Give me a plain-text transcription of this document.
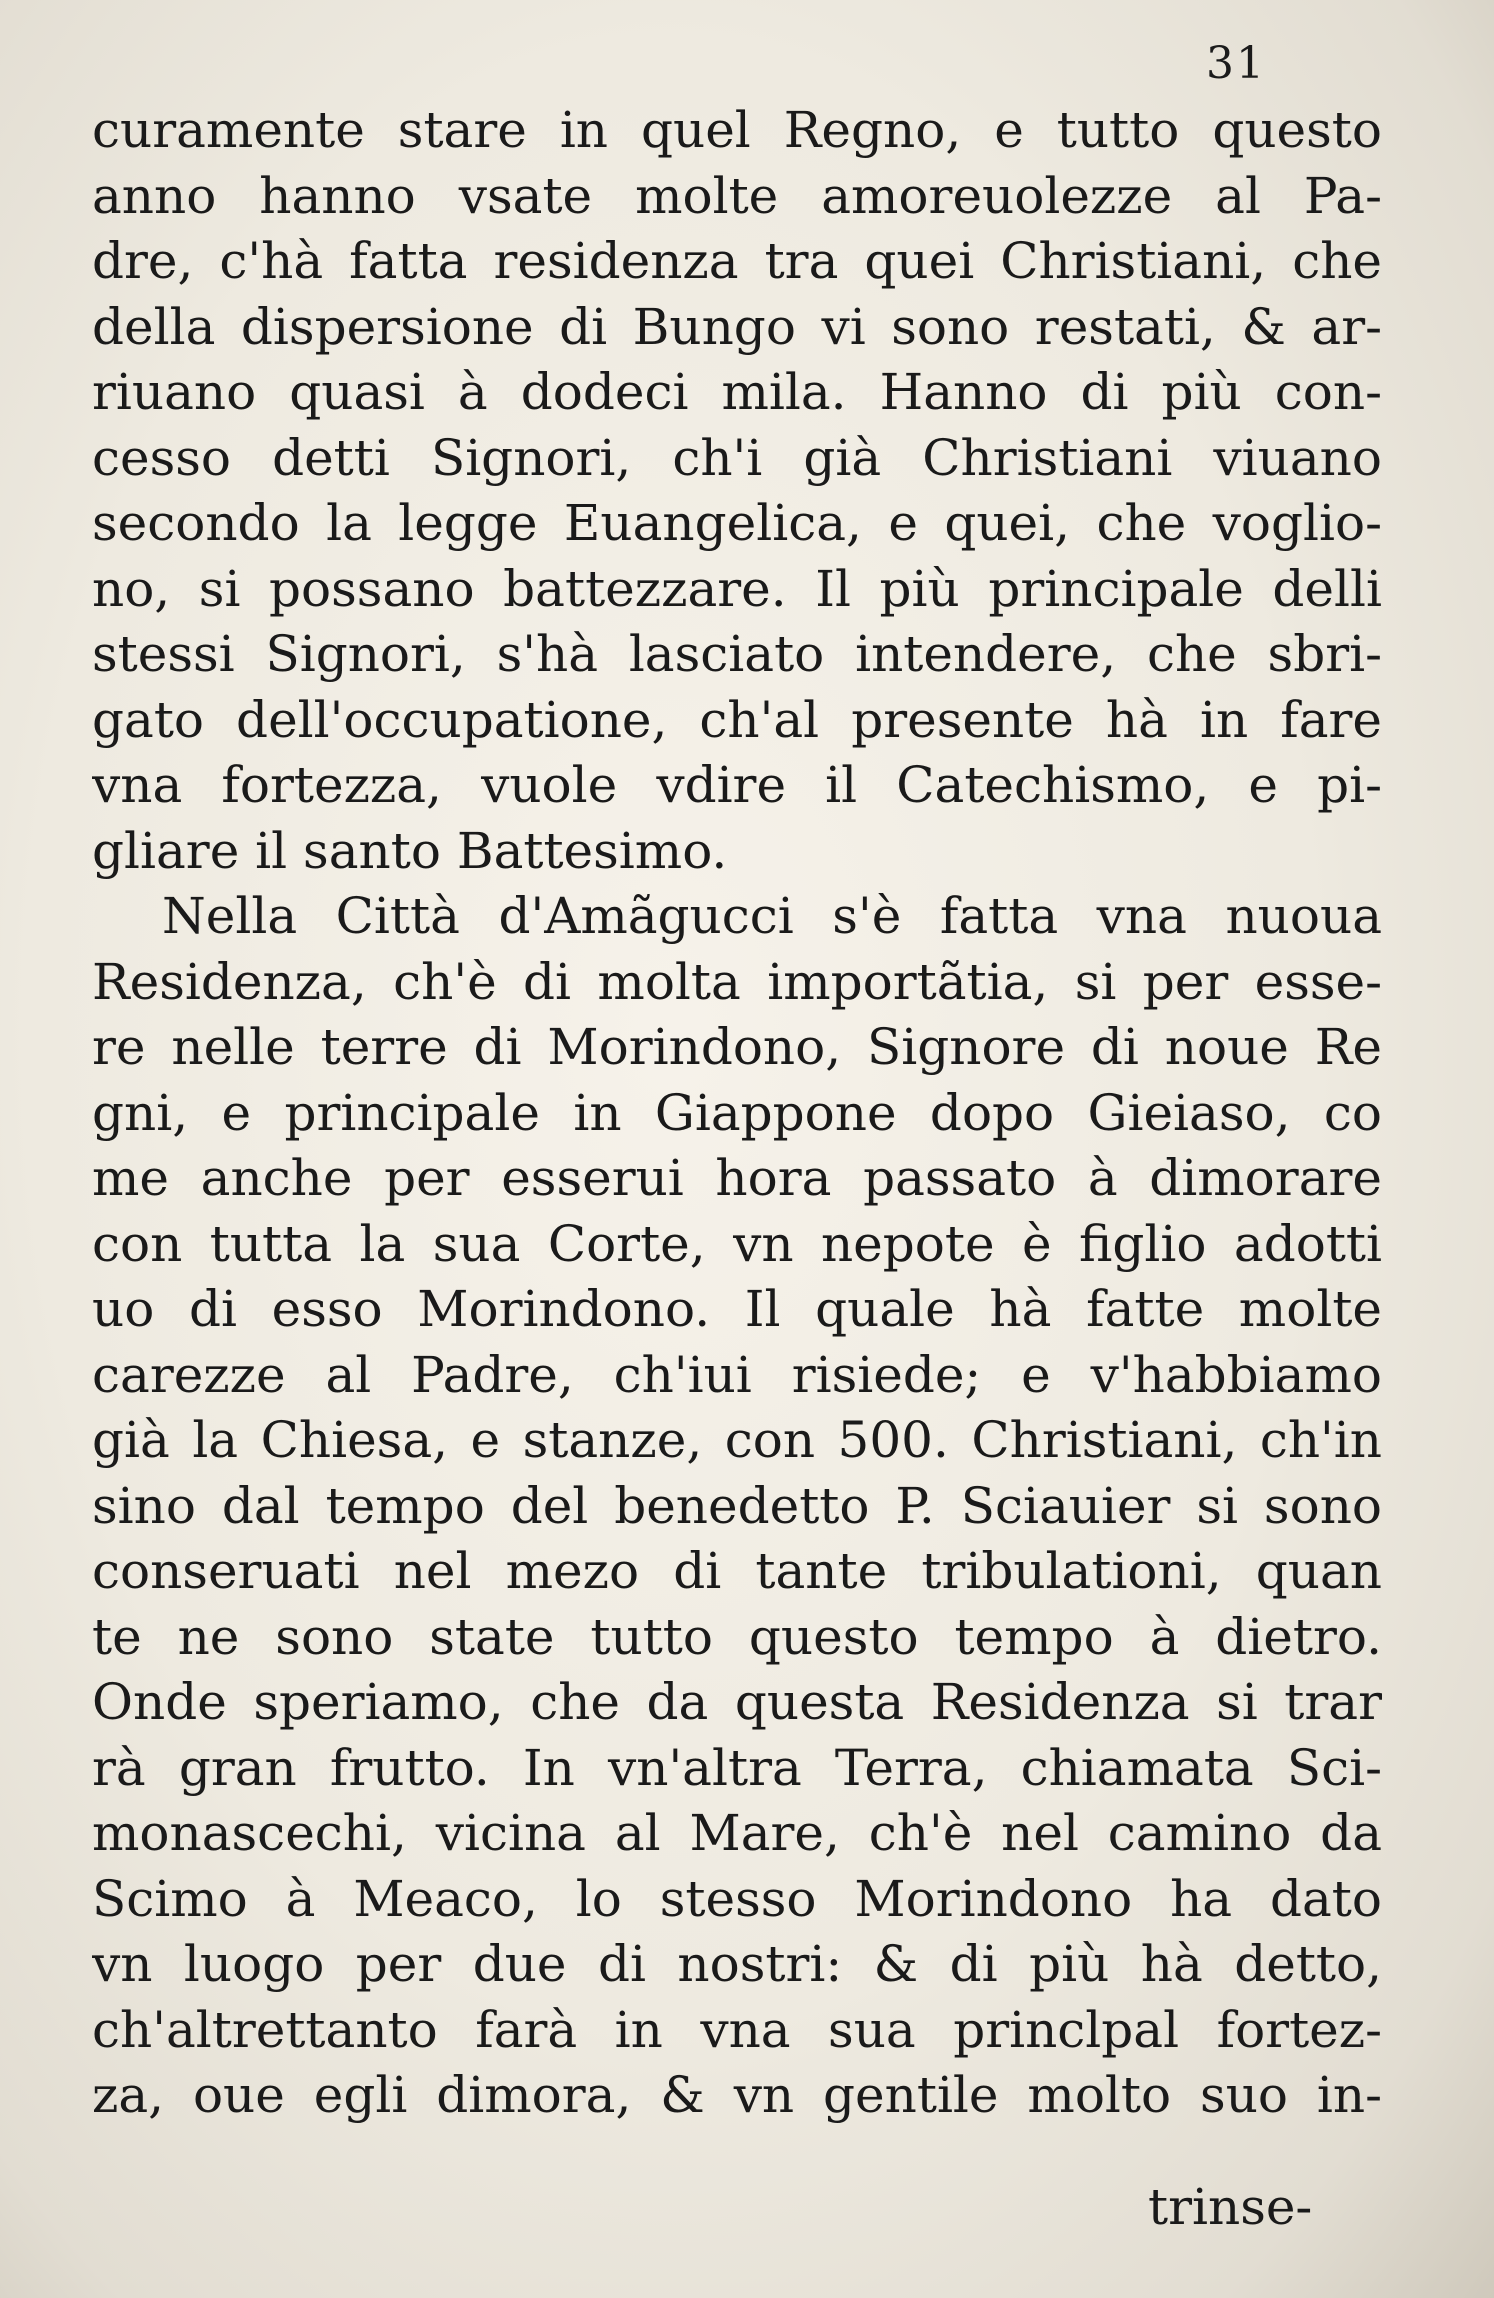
31
curamente stare in quel Regno, e tutto questo
anno hanno vsate molte amoreuolezze al Pa-
dre, c'hà fatta residenza tra quei Christiani, che
della dispersione di Bungo vi sono restati, & ar-
riuano quasi à dodeci mila. Hanno di più con-
cesso detti Signori, ch'i già Christiani viuano
secondo la legge Euangelica, e quei, che voglio-
no, si possano battezzare. Il più principale delli
stessi Signori, s'hà lasciato intendere, che sbri-
gato dell'occupatione, ch'al presente hà in fare
vna fortezza, vuole vdire il Catechismo, e pi-
gliare il santo Battesimo.
Nella Città d'Amãgucci s'è fatta vna nuoua
Residenza, ch'è di molta importãtia, si per esse-
re nelle terre di Morindono, Signore di noue Re
gni, e principale in Giappone dopo Gieiaso, co
me anche per esserui hora passato à dimorare
con tutta la sua Corte, vn nepote è figlio adotti
uo di esso Morindono. Il quale hà fatte molte
carezze al Padre, ch'iui risiede; e v'habbiamo
già la Chiesa, e stanze, con 500. Christiani, ch'in
sino dal tempo del benedetto P. Sciauier si sono
conseruati nel mezo di tante tribulationi, quan
te ne sono state tutto questo tempo à dietro.
Onde speriamo, che da questa Residenza si trar
rà gran frutto. In vn'altra Terra, chiamata Sci-
monascechi, vicina al Mare, ch'è nel camino da
Scimo à Meaco, lo stesso Morindono ha dato
vn luogo per due di nostri: & di più hà detto,
ch'altrettanto farà in vna sua princlpal fortez-
za, oue egli dimora, & vn gentile molto suo in-
trinse-
